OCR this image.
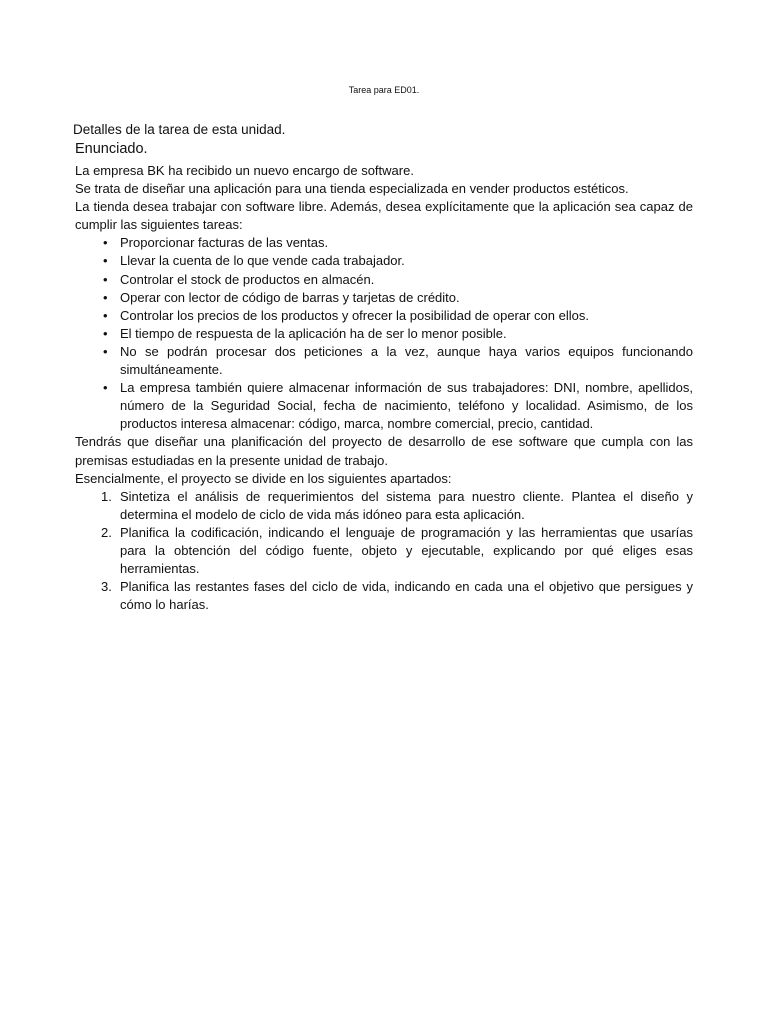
Tarea para ED01.
Detalles de la tarea de esta unidad.
Enunciado.

La empresa BK ha recibido un nuevo encargo de software.

Se trata de diseñar una aplicación para una tienda especializada en vender productos estéticos.

La tienda desea trabajar con software libre. Además, desea explícitamente que la aplicación sea capaz de cumplir las siguientes tareas:

• Proporcionar facturas de las ventas.
• Llevar la cuenta de lo que vende cada trabajador.
• Controlar el stock de productos en almacén.
• Operar con lector de código de barras y tarjetas de crédito.
• Controlar los precios de los productos y ofrecer la posibilidad de operar con ellos.
• El tiempo de respuesta de la aplicación ha de ser lo menor posible.
• No se podrán procesar dos peticiones a la vez, aunque haya varios equipos funcionando simultáneamente.
• La empresa también quiere almacenar información de sus trabajadores: DNI, nombre, apellidos, número de la Seguridad Social, fecha de nacimiento, teléfono y localidad. Asimismo, de los productos interesa almacenar: código, marca, nombre comercial, precio, cantidad.

Tendrás que diseñar una planificación del proyecto de desarrollo de ese software que cumpla con las premisas estudiadas en la presente unidad de trabajo.

Esencialmente, el proyecto se divide en los siguientes apartados:

1. Sintetiza el análisis de requerimientos del sistema para nuestro cliente. Plantea el diseño y determina el modelo de ciclo de vida más idóneo para esta aplicación.
2. Planifica la codificación, indicando el lenguaje de programación y las herramientas que usarías para la obtención del código fuente, objeto y ejecutable, explicando por qué eliges esas herramientas.
3. Planifica las restantes fases del ciclo de vida, indicando en cada una el objetivo que persigues y cómo lo harías.
